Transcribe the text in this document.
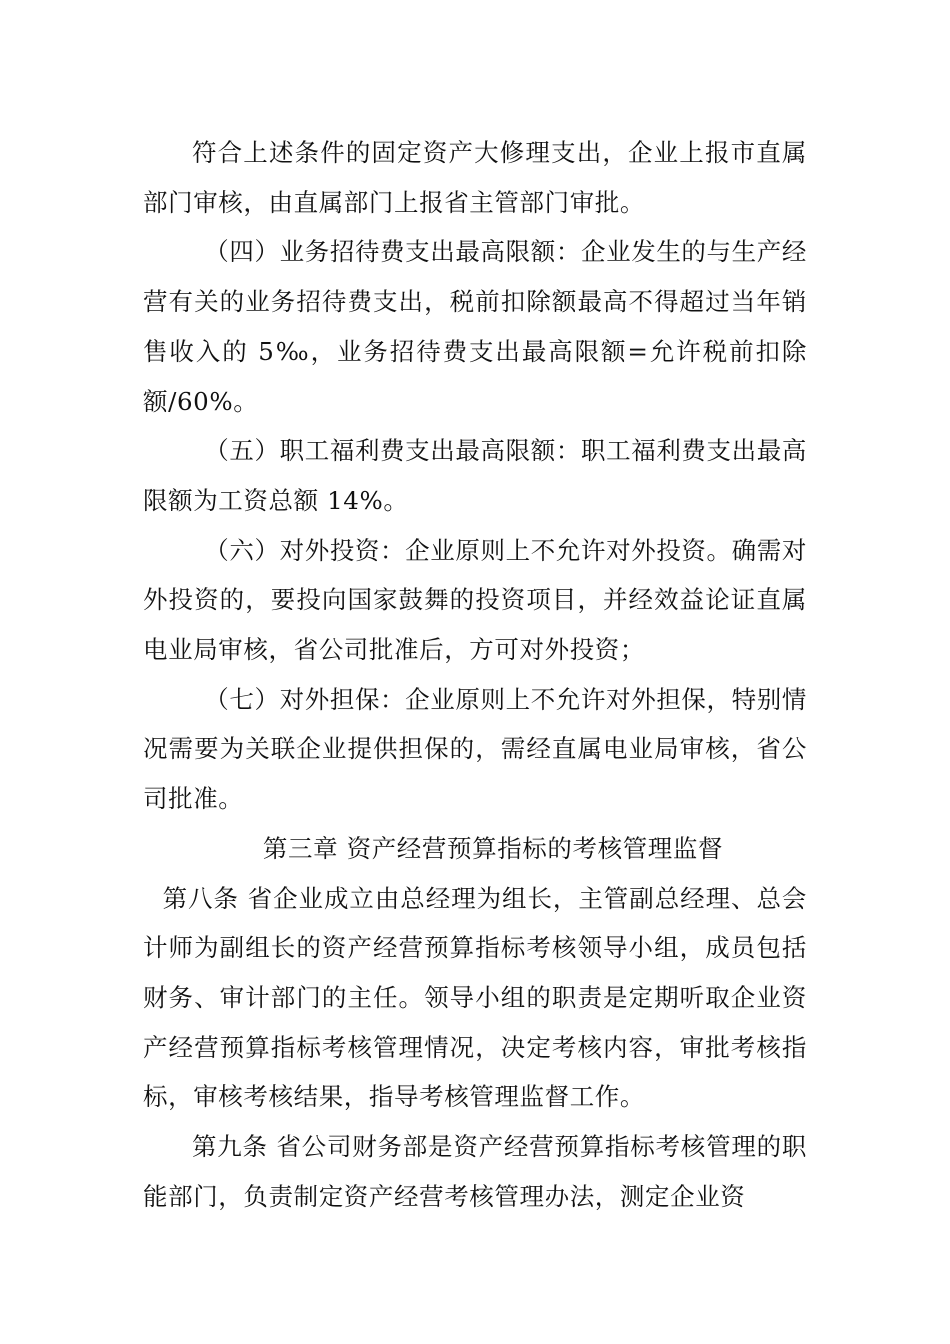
符合上述条件的固定资产大修理支出，企业上报市直属部门审核，由直属部门上报省主管部门审批。

（四）业务招待费支出最高限额：企业发生的与生产经营有关的业务招待费支出，税前扣除额最高不得超过当年销售收入的 5‰，业务招待费支出最高限额=允许税前扣除额/60%。

（五）职工福利费支出最高限额：职工福利费支出最高限额为工资总额 14%。

（六）对外投资：企业原则上不允许对外投资。确需对外投资的，要投向国家鼓舞的投资项目，并经效益论证直属电业局审核，省公司批准后，方可对外投资；

（七）对外担保：企业原则上不允许对外担保，特别情况需要为关联企业提供担保的，需经直属电业局审核，省公司批准。

第三章 资产经营预算指标的考核管理监督

第八条 省企业成立由总经理为组长，主管副总经理、总会计师为副组长的资产经营预算指标考核领导小组，成员包括财务、审计部门的主任。领导小组的职责是定期听取企业资产经营预算指标考核管理情况，决定考核内容，审批考核指标，审核考核结果，指导考核管理监督工作。

第九条 省公司财务部是资产经营预算指标考核管理的职能部门，负责制定资产经营考核管理办法，测定企业资
